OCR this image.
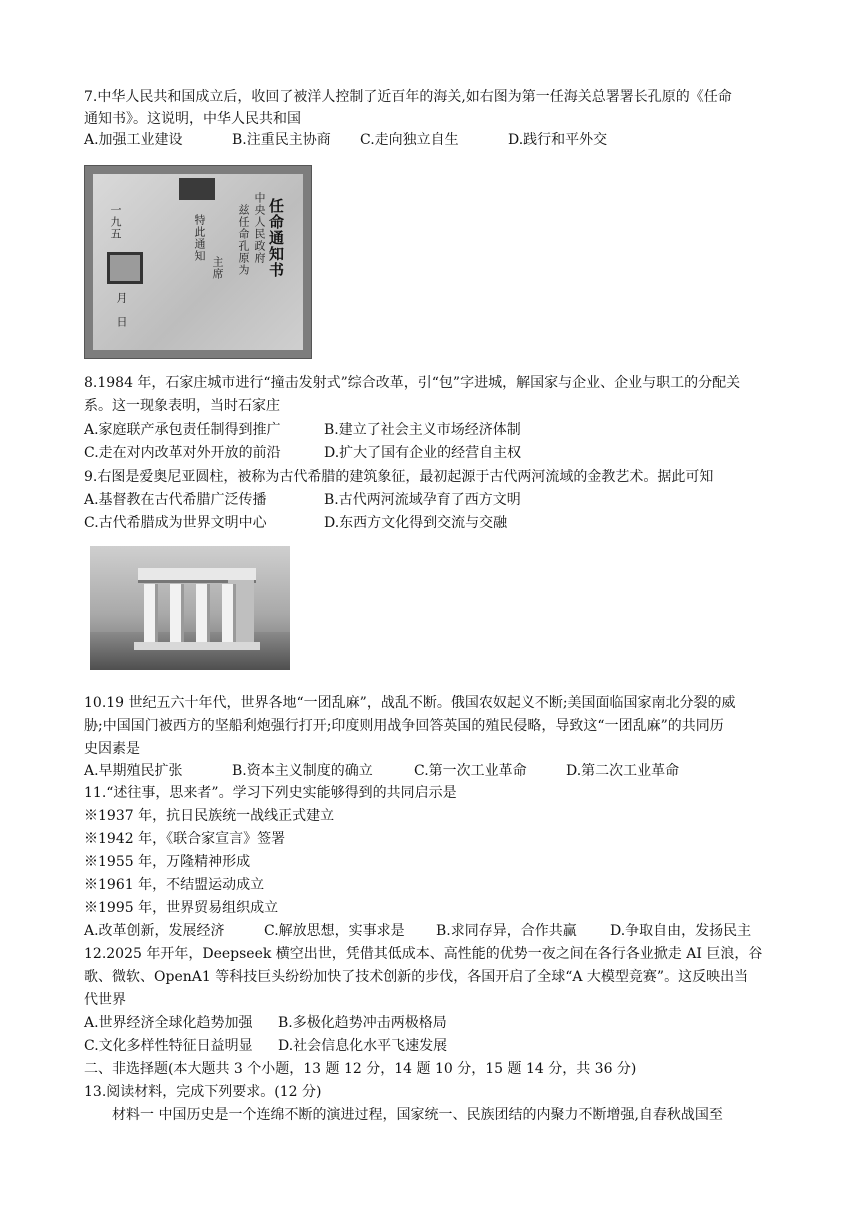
7.中华人民共和国成立后，收回了被洋人控制了近百年的海关,如右图为第一任海关总署署长孔原的《任命
通知书》。这说明，中华人民共和国
A.加强工业建设	B.注重民主协商 C.走向独立自生	D.践行和平外交
一九五
月　日
特此通知
主席 兹任命孔原为 中央人民政府 任命通知书
8.1984 年，石家庄城市进行“撞击发射式”综合改革，引“包”字进城，解国家与企业、企业与职工的分配关
系。这一现象表明，当时石家庄
A.家庭联产承包责任制得到推广	B.建立了社会主义市场经济体制
C.走在对内改革对外开放的前沿	D.扩大了国有企业的经营自主权
9.右图是爱奥尼亚圆柱，被称为古代希腊的建筑象征，最初起源于古代两河流域的金教艺术。据此可知
A.基督教在古代希腊广泛传播	B.古代两河流域孕育了西方文明
C.古代希腊成为世界文明中心	D.东西方文化得到交流与交融
10.19 世纪五六十年代，世界各地“一团乱麻”，战乱不断。俄国农奴起义不断;美国面临国家南北分裂的威
胁;中国国门被西方的坚船利炮强行打开;印度则用战争回答英国的殖民侵略，导致这“一团乱麻”的共同历
史因素是
A.早期殖民扩张	B.资本主义制度的确立	C.第一次工业革命	D.第二次工业革命
11.“述往事，思来者”。学习下列史实能够得到的共同启示是
※1937 年，抗日民族统一战线正式建立
※1942 年，《联合家宣言》签署
※1955 年，万隆精神形成
※1961 年，不结盟运动成立
※1995 年，世界贸易组织成立
A.改革创新，发展经济	C.解放思想，实事求是 B.求同存异，合作共赢 D.争取自由，发扬民主
12.2025 年开年，Deepseek 横空出世，凭借其低成本、高性能的优势一夜之间在各行各业掀走 AI 巨浪，谷
歌、微软、OpenA1 等科技巨头纷纷加快了技术创新的步伐，各国开启了全球“A 大模型竞赛”。这反映出当
代世界
A.世界经济全球化趋势加强 B.多极化趋势冲击两极格局
C.文化多样性特征日益明显 D.社会信息化水平飞速发展
二、非选择题(本大题共 3 个小题，13 题 12 分，14 题 10 分，15 题 14 分，共 36 分)
13.阅读材料，完成下列要求。(12 分)
材料一 中国历史是一个连绵不断的演进过程，国家统一、民族团结的内聚力不断增强,自春秋战国至
